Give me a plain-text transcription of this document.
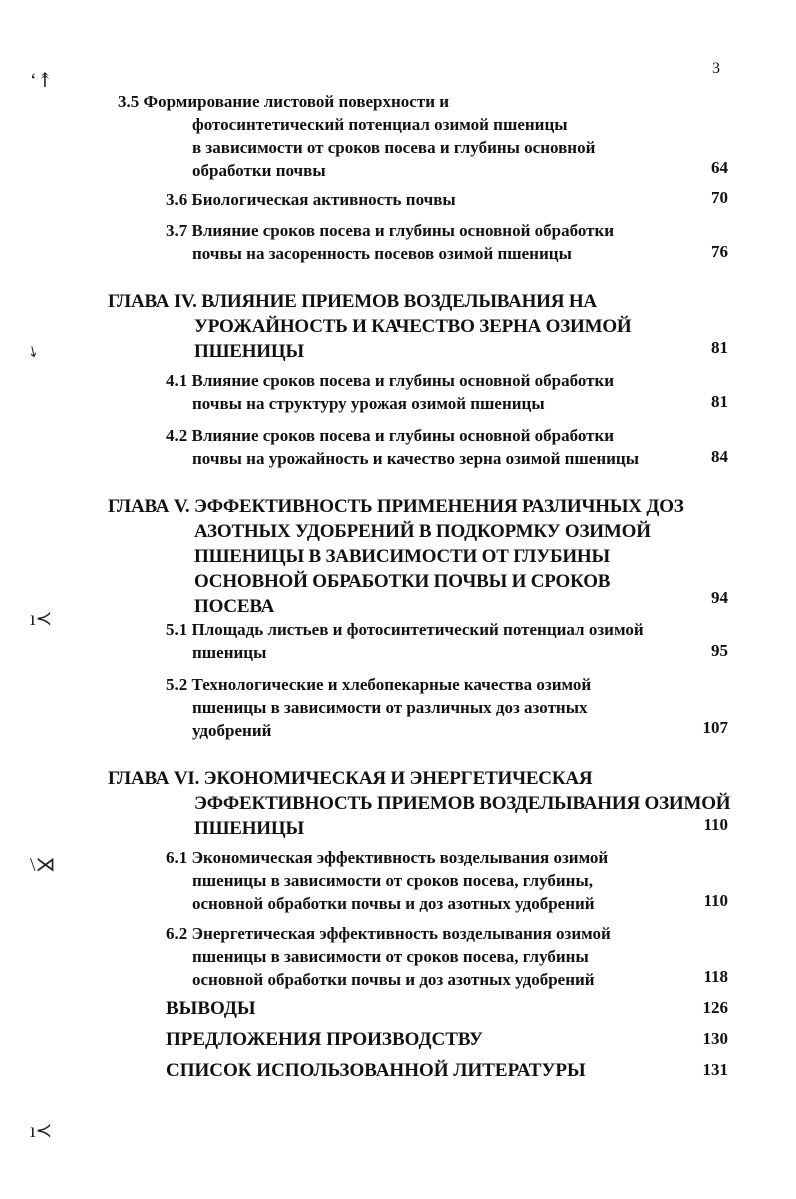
3
‘↟
⭏
ı≺
\⋊
ı≺
3.5 Формирование листовой поверхности и
фотосинтетический потенциал озимой пшеницы
в зависимости от сроков посева и глубины основной
обработки почвы	64
3.6 Биологическая активность почвы	70
3.7 Влияние сроков посева и глубины основной обработки
почвы на засоренность посевов озимой пшеницы	76
ГЛАВА IV. ВЛИЯНИЕ ПРИЕМОВ ВОЗДЕЛЫВАНИЯ НА
УРОЖАЙНОСТЬ И КАЧЕСТВО ЗЕРНА ОЗИМОЙ
ПШЕНИЦЫ	81
4.1 Влияние сроков посева и глубины основной обработки
почвы на структуру урожая озимой пшеницы	81
4.2 Влияние сроков посева и глубины основной обработки
почвы на урожайность и качество зерна озимой пшеницы	84
ГЛАВА V. ЭФФЕКТИВНОСТЬ ПРИМЕНЕНИЯ РАЗЛИЧНЫХ ДОЗ
АЗОТНЫХ УДОБРЕНИЙ В ПОДКОРМКУ ОЗИМОЙ
ПШЕНИЦЫ В ЗАВИСИМОСТИ ОТ ГЛУБИНЫ
ОСНОВНОЙ ОБРАБОТКИ ПОЧВЫ И СРОКОВ
ПОСЕВА	94
5.1 Площадь листьев и фотосинтетический потенциал озимой
пшеницы	95
5.2 Технологические и хлебопекарные качества озимой
пшеницы в зависимости от различных доз азотных
удобрений	107
ГЛАВА VI. ЭКОНОМИЧЕСКАЯ И ЭНЕРГЕТИЧЕСКАЯ
ЭФФЕКТИВНОСТЬ ПРИЕМОВ ВОЗДЕЛЫВАНИЯ ОЗИМОЙ
ПШЕНИЦЫ	110
6.1 Экономическая эффективность возделывания озимой
пшеницы в зависимости от сроков посева, глубины,
основной обработки почвы и доз азотных удобрений	110
6.2 Энергетическая эффективность возделывания озимой
пшеницы в зависимости от сроков посева, глубины
основной обработки почвы и доз азотных удобрений	118
ВЫВОДЫ	126
ПРЕДЛОЖЕНИЯ ПРОИЗВОДСТВУ	130
СПИСОК ИСПОЛЬЗОВАННОЙ ЛИТЕРАТУРЫ	131
